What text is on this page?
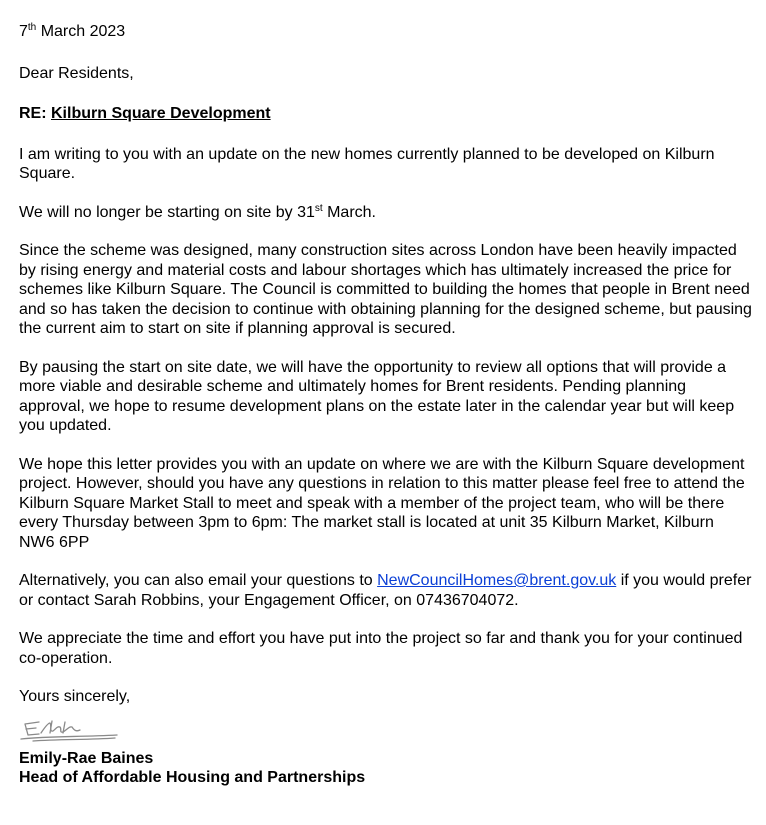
7th March 2023

Dear Residents,

RE: Kilburn Square Development

I am writing to you with an update on the new homes currently planned to be developed on Kilburn Square.

We will no longer be starting on site by 31st March.

Since the scheme was designed, many construction sites across London have been heavily impacted by rising energy and material costs and labour shortages which has ultimately increased the price for schemes like Kilburn Square. The Council is committed to building the homes that people in Brent need and so has taken the decision to continue with obtaining planning for the designed scheme, but pausing the current aim to start on site if planning approval is secured.

By pausing the start on site date, we will have the opportunity to review all options that will provide a more viable and desirable scheme and ultimately homes for Brent residents. Pending planning approval, we hope to resume development plans on the estate later in the calendar year but will keep you updated.

We hope this letter provides you with an update on where we are with the Kilburn Square development project. However, should you have any questions in relation to this matter please feel free to attend the Kilburn Square Market Stall to meet and speak with a member of the project team, who will be there every Thursday between 3pm to 6pm: The market stall is located at unit 35 Kilburn Market, Kilburn NW6 6PP

Alternatively, you can also email your questions to NewCouncilHomes@brent.gov.uk if you would prefer or contact Sarah Robbins, your Engagement Officer, on 07436704072.

We appreciate the time and effort you have put into the project so far and thank you for your continued co-operation.

Yours sincerely,

Emily-Rae Baines
Head of Affordable Housing and Partnerships
